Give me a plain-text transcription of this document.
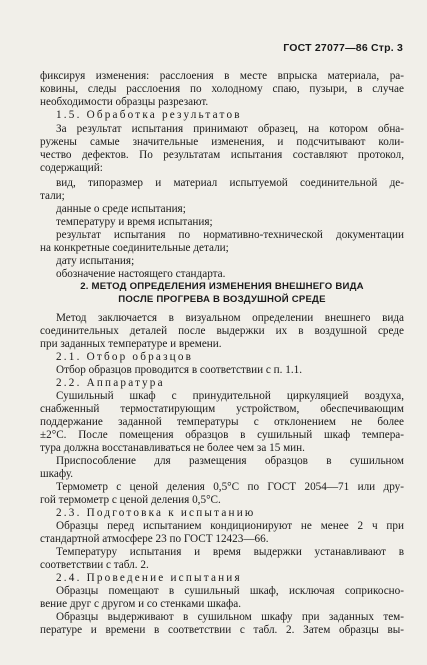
ГОСТ 27077—86 Стр. 3
фиксируя изменения: расслоения в месте впрыска материала, ра-
ковины, следы расслоения по холодному спаю, пузыри, в случае
необходимости образцы разрезают.
1.5. Обработка результатов
За результат испытания принимают образец, на котором обна-
ружены самые значительные изменения, и подсчитывают коли-
чество дефектов. По результатам испытания составляют протокол,
содержащий:
вид, типоразмер и материал испытуемой соединительной де-
тали;
данные о среде испытания;
температуру и время испытания;
результат испытания по нормативно-технической документации
на конкретные соединительные детали;
дату испытания;
обозначение настоящего стандарта.
2. МЕТОД ОПРЕДЕЛЕНИЯ ИЗМЕНЕНИЯ ВНЕШНЕГО ВИДА
ПОСЛЕ ПРОГРЕВА В ВОЗДУШНОЙ СРЕДЕ
Метод заключается в визуальном определении внешнего вида
соединительных деталей после выдержки их в воздушной среде
при заданных температуре и времени.
2.1. Отбор образцов
Отбор образцов проводится в соответствии с п. 1.1.
2.2. Аппаратура
Сушильный шкаф с принудительной циркуляцией воздуха,
снабженный термостатирующим устройством, обеспечивающим
поддержание заданной температуры с отклонением не более
±2°С. После помещения образцов в сушильный шкаф темпера-
тура должна восстанавливаться не более чем за 15 мин.
Приспособление для размещения образцов в сушильном
шкафу.
Термометр с ценой деления 0,5°С по ГОСТ 2054—71 или дру-
гой термометр с ценой деления 0,5°С.
2.3. Подготовка к испытанию
Образцы перед испытанием кондиционируют не менее 2 ч при
стандартной атмосфере 23 по ГОСТ 12423—66.
Температуру испытания и время выдержки устанавливают в
соответствии с табл. 2.
2.4. Проведение испытания
Образцы помещают в сушильный шкаф, исключая соприкосно-
вение друг с другом и со стенками шкафа.
Образцы выдерживают в сушильном шкафу при заданных тем-
пературе и времени в соответствии с табл. 2. Затем образцы вы-
